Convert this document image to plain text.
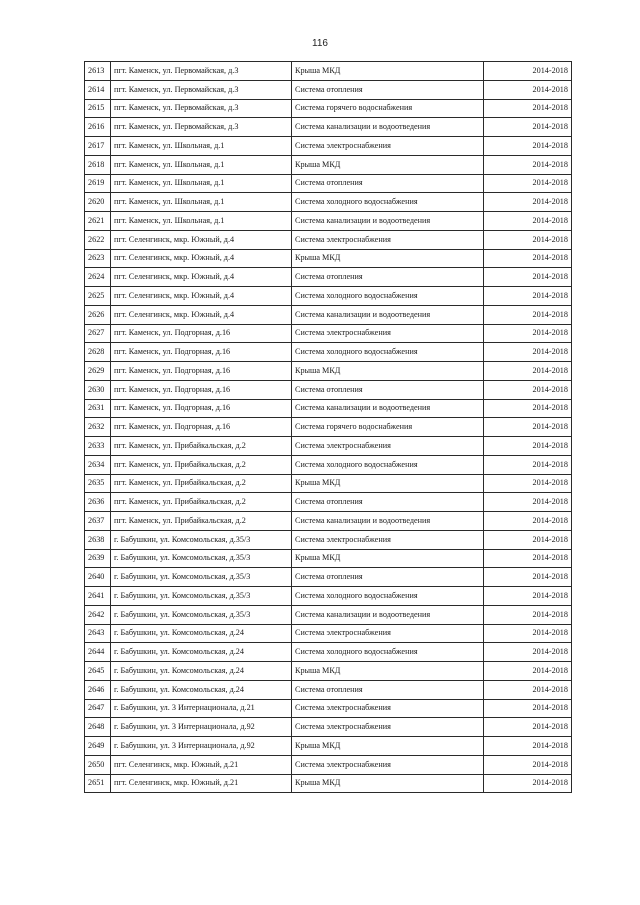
116
2613	пгт. Каменск, ул. Первомайская, д.3	Крыша МКД	2014-2018
2614	пгт. Каменск, ул. Первомайская, д.3	Система отопления	2014-2018
2615	пгт. Каменск, ул. Первомайская, д.3	Система горячего водоснабжения	2014-2018
2616	пгт. Каменск, ул. Первомайская, д.3	Система канализации и водоотведения	2014-2018
2617	пгт. Каменск, ул. Школьная, д.1	Система электроснабжения	2014-2018
2618	пгт. Каменск, ул. Школьная, д.1	Крыша МКД	2014-2018
2619	пгт. Каменск, ул. Школьная, д.1	Система отопления	2014-2018
2620	пгт. Каменск, ул. Школьная, д.1	Система холодного водоснабжения	2014-2018
2621	пгт. Каменск, ул. Школьная, д.1	Система канализации и водоотведения	2014-2018
2622	пгт. Селенгинск, мкр. Южный, д.4	Система электроснабжения	2014-2018
2623	пгт. Селенгинск, мкр. Южный, д.4	Крыша МКД	2014-2018
2624	пгт. Селенгинск, мкр. Южный, д.4	Система отопления	2014-2018
2625	пгт. Селенгинск, мкр. Южный, д.4	Система холодного водоснабжения	2014-2018
2626	пгт. Селенгинск, мкр. Южный, д.4	Система канализации и водоотведения	2014-2018
2627	пгт. Каменск, ул. Подгорная, д.16	Система электроснабжения	2014-2018
2628	пгт. Каменск, ул. Подгорная, д.16	Система холодного водоснабжения	2014-2018
2629	пгт. Каменск, ул. Подгорная, д.16	Крыша МКД	2014-2018
2630	пгт. Каменск, ул. Подгорная, д.16	Система отопления	2014-2018
2631	пгт. Каменск, ул. Подгорная, д.16	Система канализации и водоотведения	2014-2018
2632	пгт. Каменск, ул. Подгорная, д.16	Система горячего водоснабжения	2014-2018
2633	пгт. Каменск, ул. Прибайкальская, д.2	Система электроснабжения	2014-2018
2634	пгт. Каменск, ул. Прибайкальская, д.2	Система холодного водоснабжения	2014-2018
2635	пгт. Каменск, ул. Прибайкальская, д.2	Крыша МКД	2014-2018
2636	пгт. Каменск, ул. Прибайкальская, д.2	Система отопления	2014-2018
2637	пгт. Каменск, ул. Прибайкальская, д.2	Система канализации и водоотведения	2014-2018
2638	г. Бабушкин, ул. Комсомольская, д.35/3	Система электроснабжения	2014-2018
2639	г. Бабушкин, ул. Комсомольская, д.35/3	Крыша МКД	2014-2018
2640	г. Бабушкин, ул. Комсомольская, д.35/3	Система отопления	2014-2018
2641	г. Бабушкин, ул. Комсомольская, д.35/3	Система холодного водоснабжения	2014-2018
2642	г. Бабушкин, ул. Комсомольская, д.35/3	Система канализации и водоотведения	2014-2018
2643	г. Бабушкин, ул. Комсомольская, д.24	Система электроснабжения	2014-2018
2644	г. Бабушкин, ул. Комсомольская, д.24	Система холодного водоснабжения	2014-2018
2645	г. Бабушкин, ул. Комсомольская, д.24	Крыша МКД	2014-2018
2646	г. Бабушкин, ул. Комсомольская, д.24	Система отопления	2014-2018
2647	г. Бабушкин, ул. 3 Интернационала, д.21	Система электроснабжения	2014-2018
2648	г. Бабушкин, ул. 3 Интернационала, д.92	Система электроснабжения	2014-2018
2649	г. Бабушкин, ул. 3 Интернационала, д.92	Крыша МКД	2014-2018
2650	пгт. Селенгинск, мкр. Южный, д.21	Система электроснабжения	2014-2018
2651	пгт. Селенгинск, мкр. Южный, д.21	Крыша МКД	2014-2018
